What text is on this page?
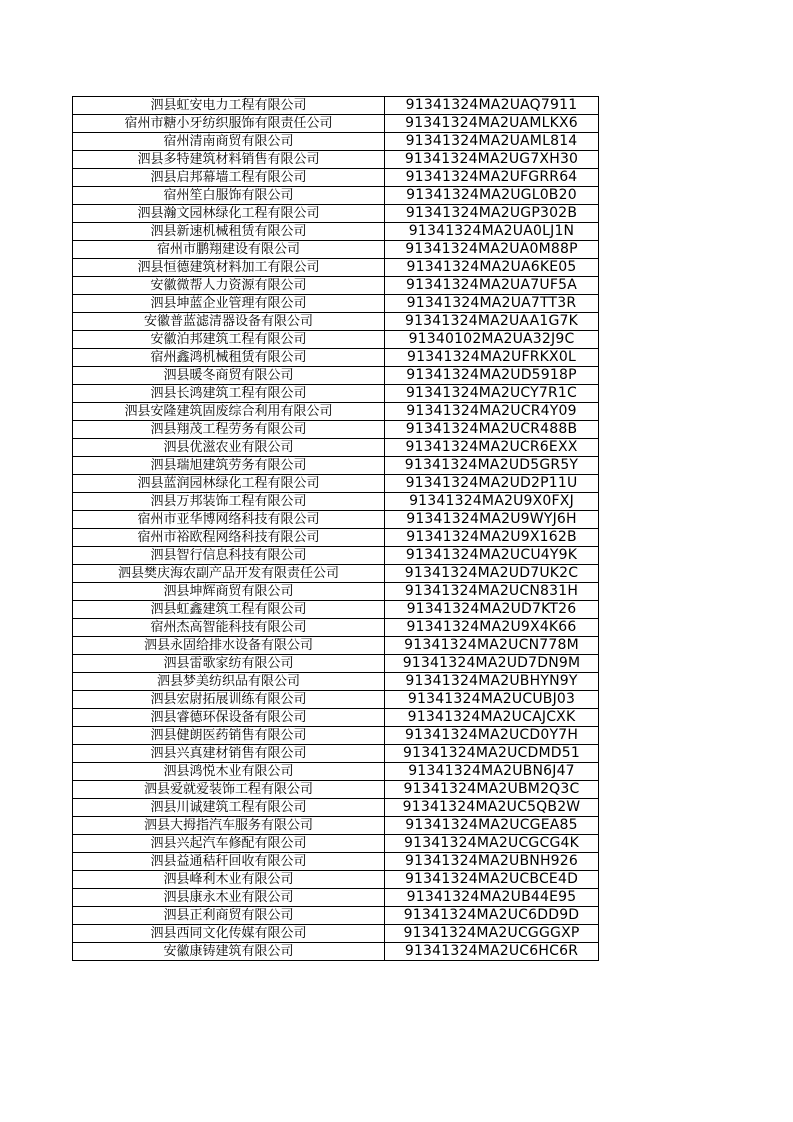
泗县虹安电力工程有限公司	91341324MA2UAQ7911
宿州市糖小牙纺织服饰有限责任公司	91341324MA2UAMLKX6
宿州清南商贸有限公司	91341324MA2UAML814
泗县多特建筑材料销售有限公司	91341324MA2UG7XH30
泗县启邦幕墙工程有限公司	91341324MA2UFGRR64
宿州笙白服饰有限公司	91341324MA2UGL0B20
泗县瀚文园林绿化工程有限公司	91341324MA2UGP302B
泗县新速机械租赁有限公司	91341324MA2UA0LJ1N
宿州市鹏翔建设有限公司	91341324MA2UA0M88P
泗县恒德建筑材料加工有限公司	91341324MA2UA6KE05
安徽微帮人力资源有限公司	91341324MA2UA7UF5A
泗县坤蓝企业管理有限公司	91341324MA2UA7TT3R
安徽普蓝滤清器设备有限公司	91341324MA2UAA1G7K
安徽泊邦建筑工程有限公司	91340102MA2UA32J9C
宿州鑫鸿机械租赁有限公司	91341324MA2UFRKX0L
泗县暖冬商贸有限公司	91341324MA2UD5918P
泗县长鸿建筑工程有限公司	91341324MA2UCY7R1C
泗县安隆建筑固废综合利用有限公司	91341324MA2UCR4Y09
泗县翔茂工程劳务有限公司	91341324MA2UCR488B
泗县优滋农业有限公司	91341324MA2UCR6EXX
泗县瑞旭建筑劳务有限公司	91341324MA2UD5GR5Y
泗县蓝润园林绿化工程有限公司	91341324MA2UD2P11U
泗县万邦装饰工程有限公司	91341324MA2U9X0FXJ
宿州市亚华博网络科技有限公司	91341324MA2U9WYJ6H
宿州市裕欧程网络科技有限公司	91341324MA2U9X162B
泗县智行信息科技有限公司	91341324MA2UCU4Y9K
泗县樊庆海农副产品开发有限责任公司	91341324MA2UD7UK2C
泗县坤辉商贸有限公司	91341324MA2UCN831H
泗县虹鑫建筑工程有限公司	91341324MA2UD7KT26
宿州杰高智能科技有限公司	91341324MA2U9X4K66
泗县永固给排水设备有限公司	91341324MA2UCN778M
泗县雷歌家纺有限公司	91341324MA2UD7DN9M
泗县梦美纺织品有限公司	91341324MA2UBHYN9Y
泗县宏尉拓展训练有限公司	91341324MA2UCUBJ03
泗县睿德环保设备有限公司	91341324MA2UCAJCXK
泗县健朗医药销售有限公司	91341324MA2UCD0Y7H
泗县兴真建材销售有限公司	91341324MA2UCDMD51
泗县鸿悦木业有限公司	91341324MA2UBN6J47
泗县爱就爱装饰工程有限公司	91341324MA2UBM2Q3C
泗县川诚建筑工程有限公司	91341324MA2UC5QB2W
泗县大拇指汽车服务有限公司	91341324MA2UCGEA85
泗县兴起汽车修配有限公司	91341324MA2UCGCG4K
泗县益通秸秆回收有限公司	91341324MA2UBNH926
泗县峰利木业有限公司	91341324MA2UCBCE4D
泗县康永木业有限公司	91341324MA2UB44E95
泗县正利商贸有限公司	91341324MA2UC6DD9D
泗县西同文化传媒有限公司	91341324MA2UCGGGXP
安徽康铸建筑有限公司	91341324MA2UC6HC6R
